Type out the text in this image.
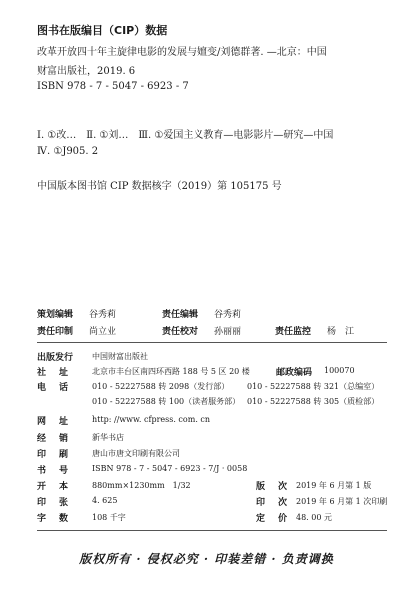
图书在版编目（CIP）数据
改革开放四十年主旋律电影的发展与嬗变/刘德群著. —北京：中国
财富出版社，2019. 6
ISBN 978 - 7 - 5047 - 6923 - 7
Ⅰ. ①改…　Ⅱ. ①刘…　Ⅲ. ①爱国主义教育—电影影片—研究—中国
Ⅳ. ①J905. 2
中国版本图书馆 CIP 数据核字（2019）第 105175 号
策划编辑 谷秀莉	责任编辑 谷秀莉
责任印制 尚立业	责任校对 孙丽丽	责任监控 杨　江
出版发行 中国财富出版社
社　址	北京市丰台区南四环西路 188 号 5 区 20 楼	邮政编码 100070
电　话	010 - 52227588 转 2098（发行部） 010 - 52227588 转 321（总编室）
010 - 52227588 转 100（读者服务部） 010 - 52227588 转 305（质检部）
网　址	http: //www. cfpress. com. cn
经　销	新华书店
印　刷	唐山市唐文印刷有限公司
书　号	ISBN 978 - 7 - 5047 - 6923 - 7/J · 0058
开　本	880mm×1230mm　1/32	版　次 2019 年 6 月第 1 版
印　张	4. 625	印　次 2019 年 6 月第 1 次印刷
字　数	108 千字	定　价 48. 00 元
版权所有 · 侵权必究 · 印装差错 · 负责调换
